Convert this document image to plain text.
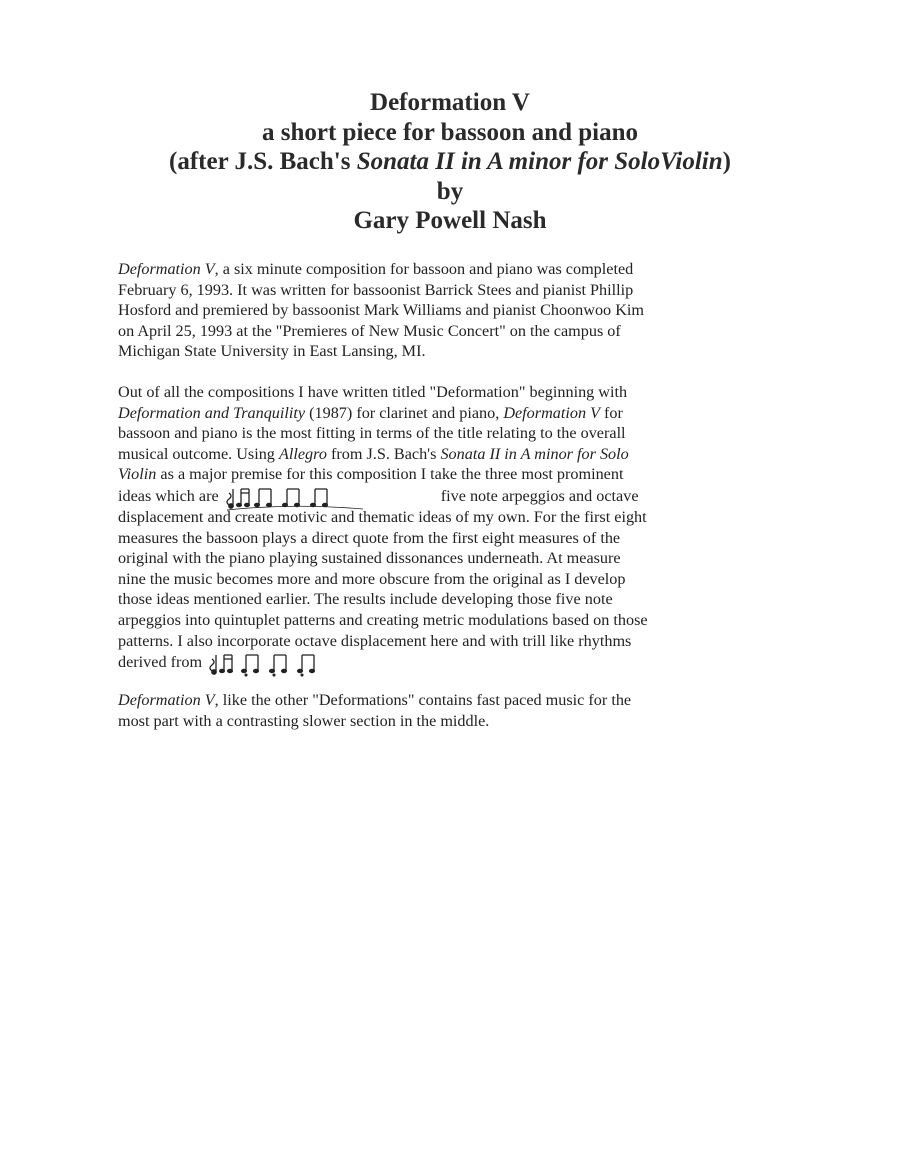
Deformation V
a short piece for bassoon and piano
(after J.S. Bach's Sonata II in A minor for SoloViolin)
by
Gary Powell Nash
Deformation V, a six minute composition for bassoon and piano was completed
February 6, 1993. It was written for bassoonist Barrick Stees and pianist Phillip
Hosford and premiered by bassoonist Mark Williams and pianist Choonwoo Kim
on April 25, 1993 at the "Premieres of New Music Concert" on the campus of
Michigan State University in East Lansing, MI.
Out of all the compositions I have written titled "Deformation" beginning with
Deformation and Tranquility (1987) for clarinet and piano, Deformation V for
bassoon and piano is the most fitting in terms of the title relating to the overall
musical outcome. Using Allegro from J.S. Bach's Sonata II in A minor for Solo
Violin as a major premise for this composition I take the three most prominent
ideas which are	five note arpeggios and octave
displacement and create motivic and thematic ideas of my own. For the first eight
measures the bassoon plays a direct quote from the first eight measures of the
original with the piano playing sustained dissonances underneath. At measure
nine the music becomes more and more obscure from the original as I develop
those ideas mentioned earlier. The results include developing those five note
arpeggios into quintuplet patterns and creating metric modulations based on those
patterns. I also incorporate octave displacement here and with trill like rhythms
derived from
Deformation V, like the other "Deformations" contains fast paced music for the
most part with a contrasting slower section in the middle.
